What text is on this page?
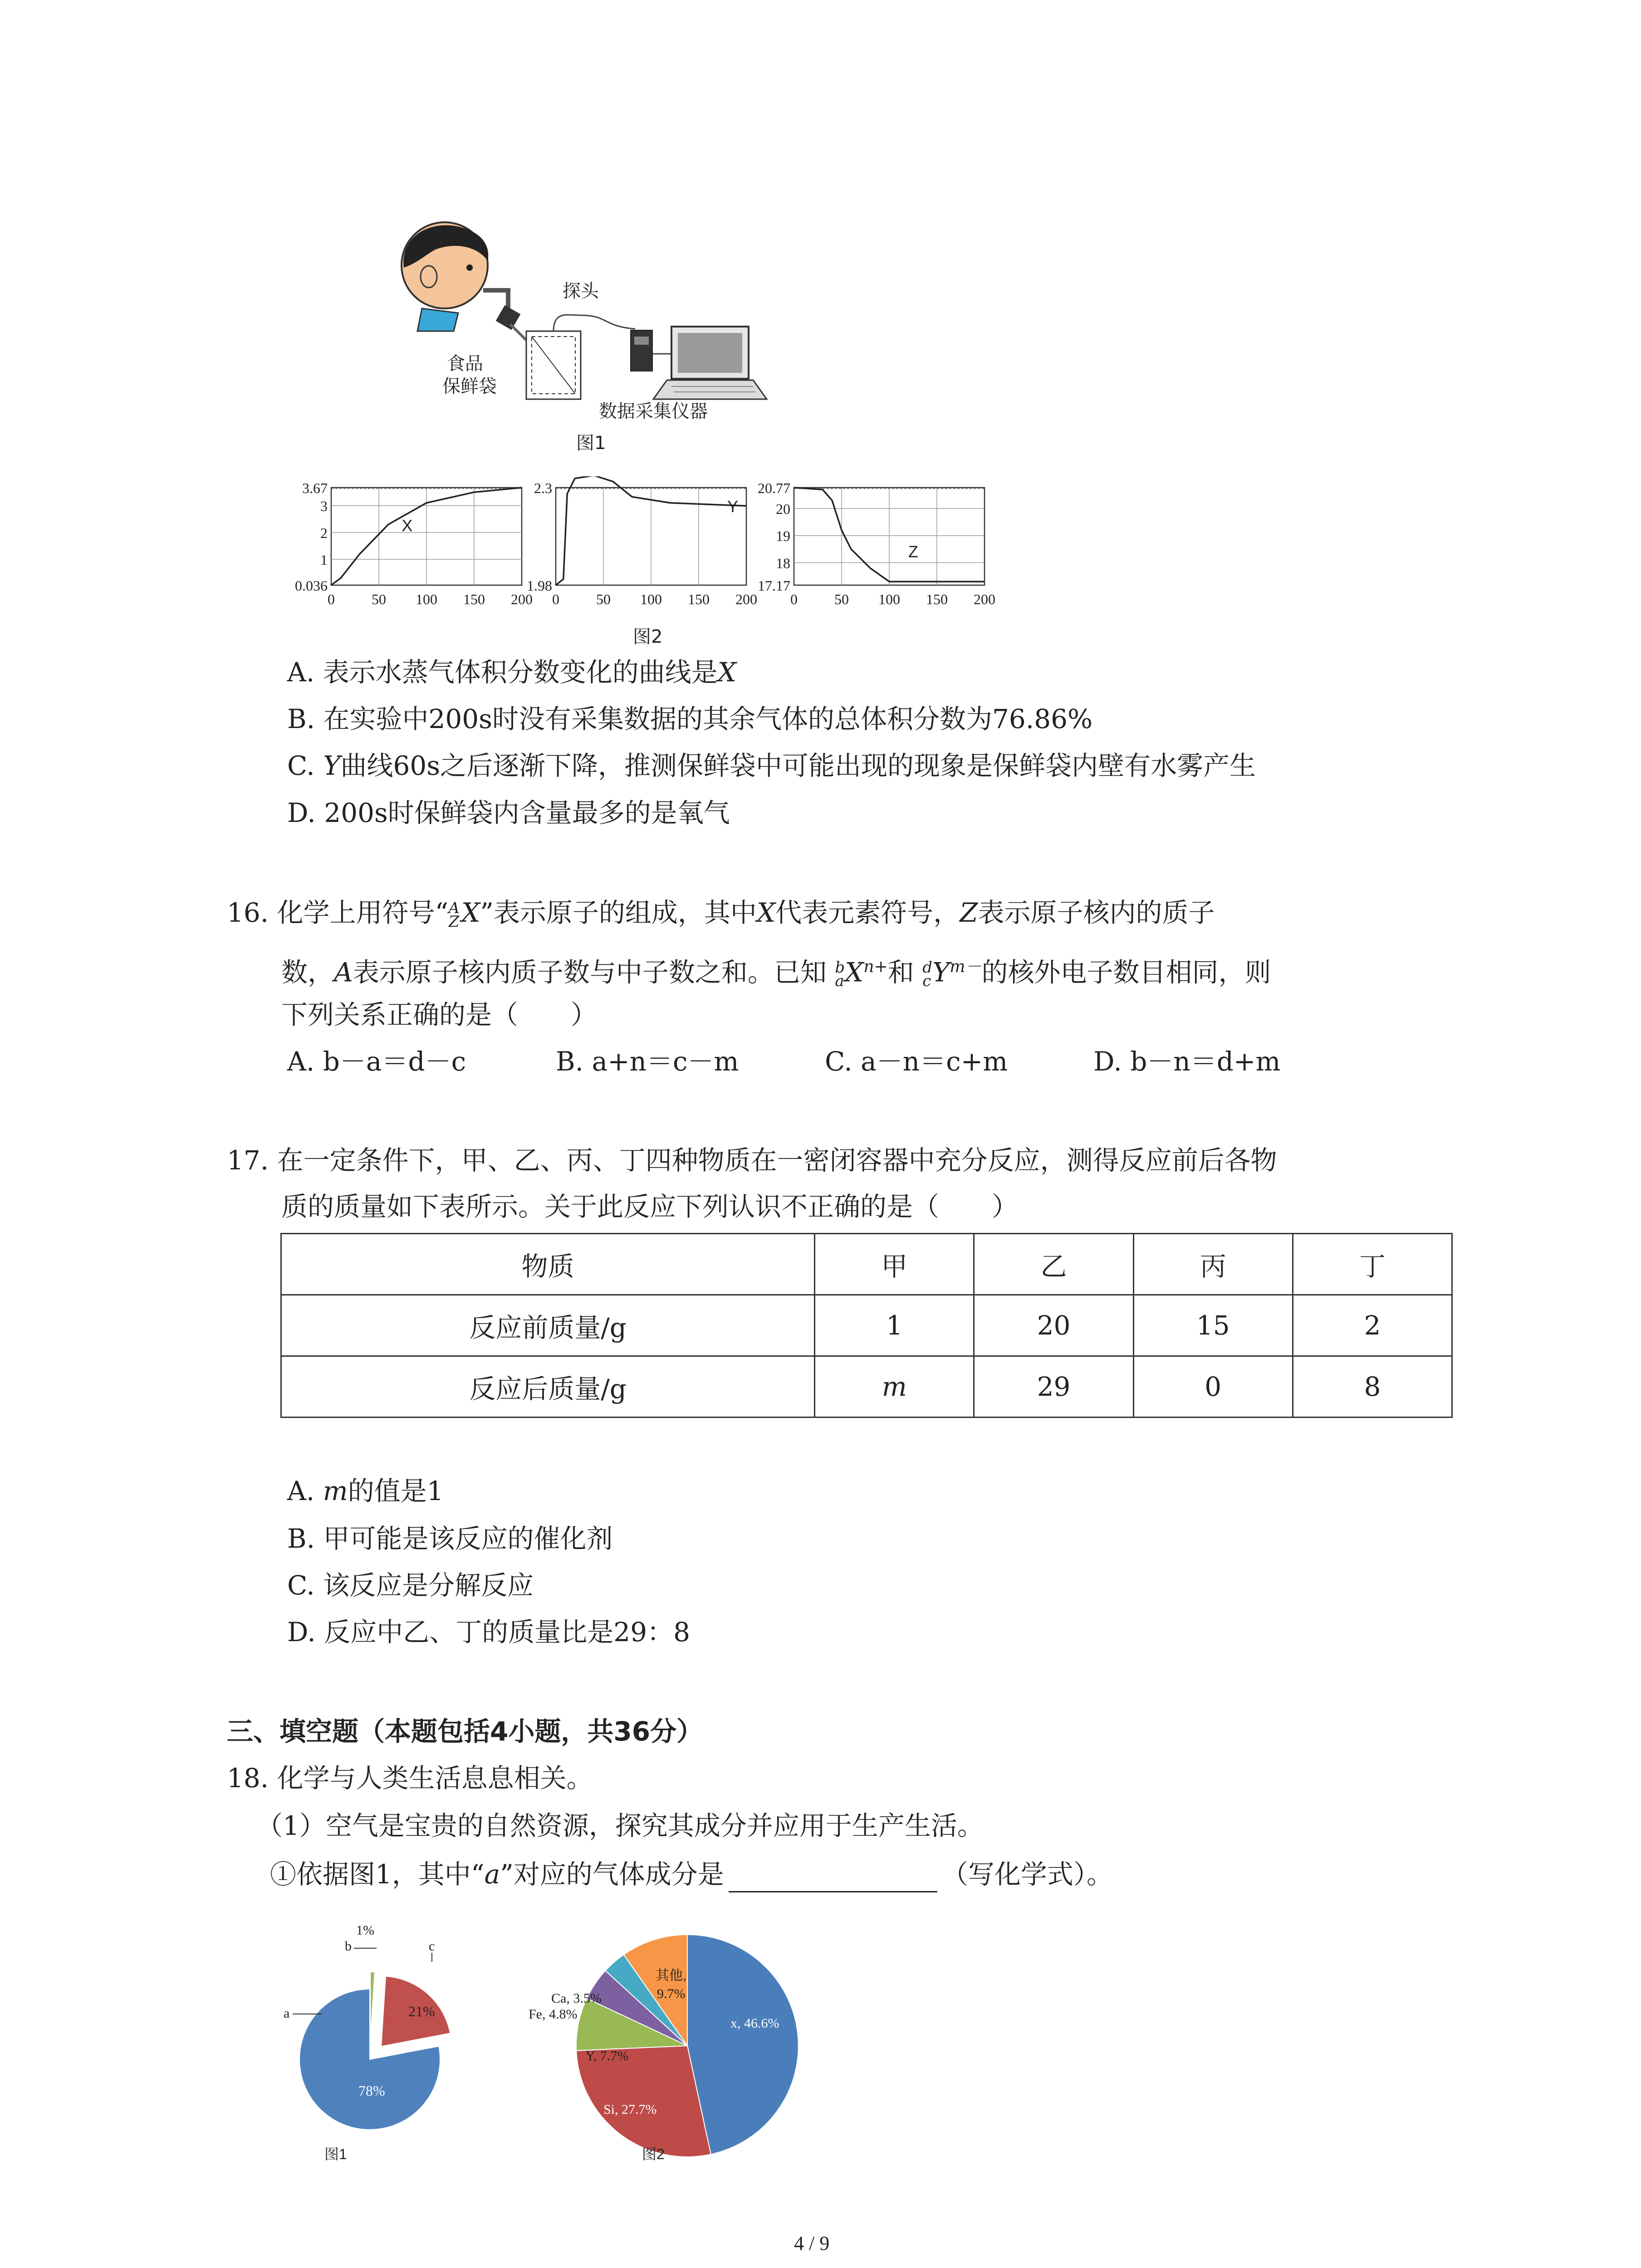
探头
食品
保鲜袋
数据采集仪器
图1
3.67
3
2
1
0.036
0	50 100 150 200
X
2.3
1.98
0	50 100 150 200
Y
20.77
20
19
18
17.17
0	50 100 150 200
Z
图2
A. 表示水蒸气体积分数变化的曲线是X
B. 在实验中200s时没有采集数据的其余气体的总体积分数为76.86%
C. Y曲线60s之后逐渐下降，推测保鲜袋中可能出现的现象是保鲜袋内壁有水雾产生
D. 200s时保鲜袋内含量最多的是氧气
16. 化学上用符号“A
ZX”表示原子的组成，其中X代表元素符号，Z表示原子核内的质子
数，A表示原子核内质子数与中子数之和。已知 b
$aX^{n+}$和 d
$cY^{m-}$的核外电子数目相同，则
下列关系正确的是（　　）
A. b－a＝d－c	B. a+n＝c－m	C. a－n＝c+m	D. b－n＝d+m
17. 在一定条件下，甲、乙、丙、丁四种物质在一密闭容器中充分反应，测得反应前后各物
质的质量如下表所示。关于此反应下列认识不正确的是（　　）
物质	甲	乙	丙	丁
反应前质量/g	1	20	15	2
反应后质量/g	m	29	0	8
A. m的值是1
B. 甲可能是该反应的催化剂
C. 该反应是分解反应
D. 反应中乙、丁的质量比是29：8
三、填空题（本题包括4小题，共36分）
18. 化学与人类生活息息相关。
（1）空气是宝贵的自然资源，探究其成分并应用于生产生活。
①依据图1，其中“a”对应的气体成分是	（写化学式）。
78%
21%
1%
a
b	c
图1
x, 46.6%
Si, 27.7%
Y, 7.7%
Fe, 4.8%
Ca, 3.5%
其他,
9.7%
图2
4 / 9
